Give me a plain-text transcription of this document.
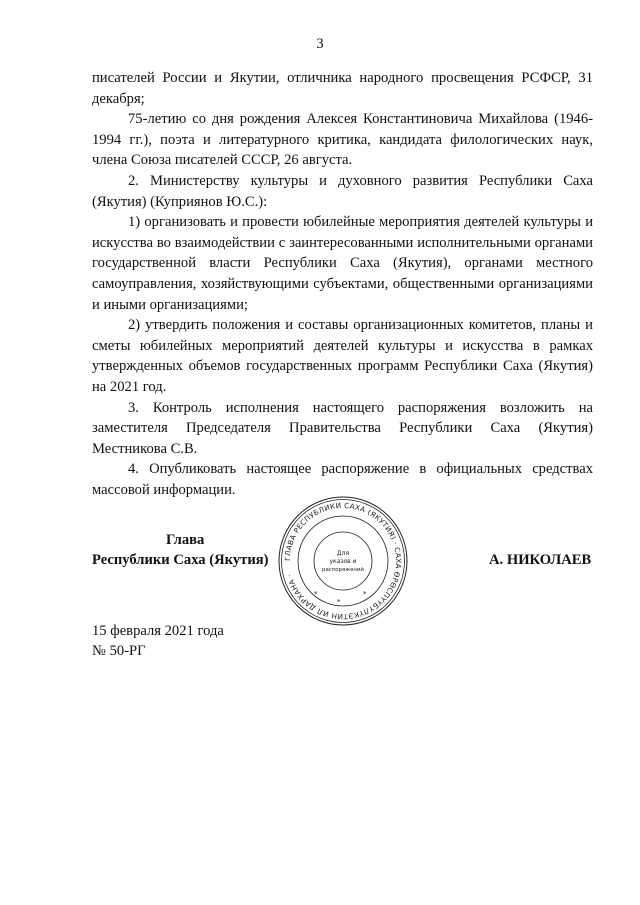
3

писателей России и Якутии, отличника народного просвещения РСФСР, 31 декабря;

75-летию со дня рождения Алексея Константиновича Михайлова (1946-1994 гг.), поэта и литературного критика, кандидата филологических наук, члена Союза писателей СССР, 26 августа.

2. Министерству культуры и духовного развития Республики Саха (Якутия) (Куприянов Ю.С.):

1) организовать и провести юбилейные мероприятия деятелей культуры и искусства во взаимодействии с заинтересованными исполнительными органами государственной власти Республики Саха (Якутия), органами местного самоуправления, хозяйствующими субъектами, общественными организациями и иными организациями;

2) утвердить положения и составы организационных комитетов, планы и сметы юбилейных мероприятий деятелей культуры и искусства в рамках утвержденных объемов государственных программ Республики Саха (Якутия) на 2021 год.

3. Контроль исполнения настоящего распоряжения возложить на заместителя Председателя Правительства Республики Саха (Якутия) Местникова С.В.

4. Опубликовать настоящее распоряжение в официальных средствах массовой информации.

Глава
Республики Саха (Якутия)	А. НИКОЛАЕВ
ГЛАВА РЕСПУБЛИКИ САХА (ЯКУТИЯ) · САХА ӨРӨСПҮҮБҮЛҮКЭТИН ИЛ ДАРХАНА ·
*
*
*
Для
указов и
распоряжений
15 февраля 2021 года
№ 50-РГ
